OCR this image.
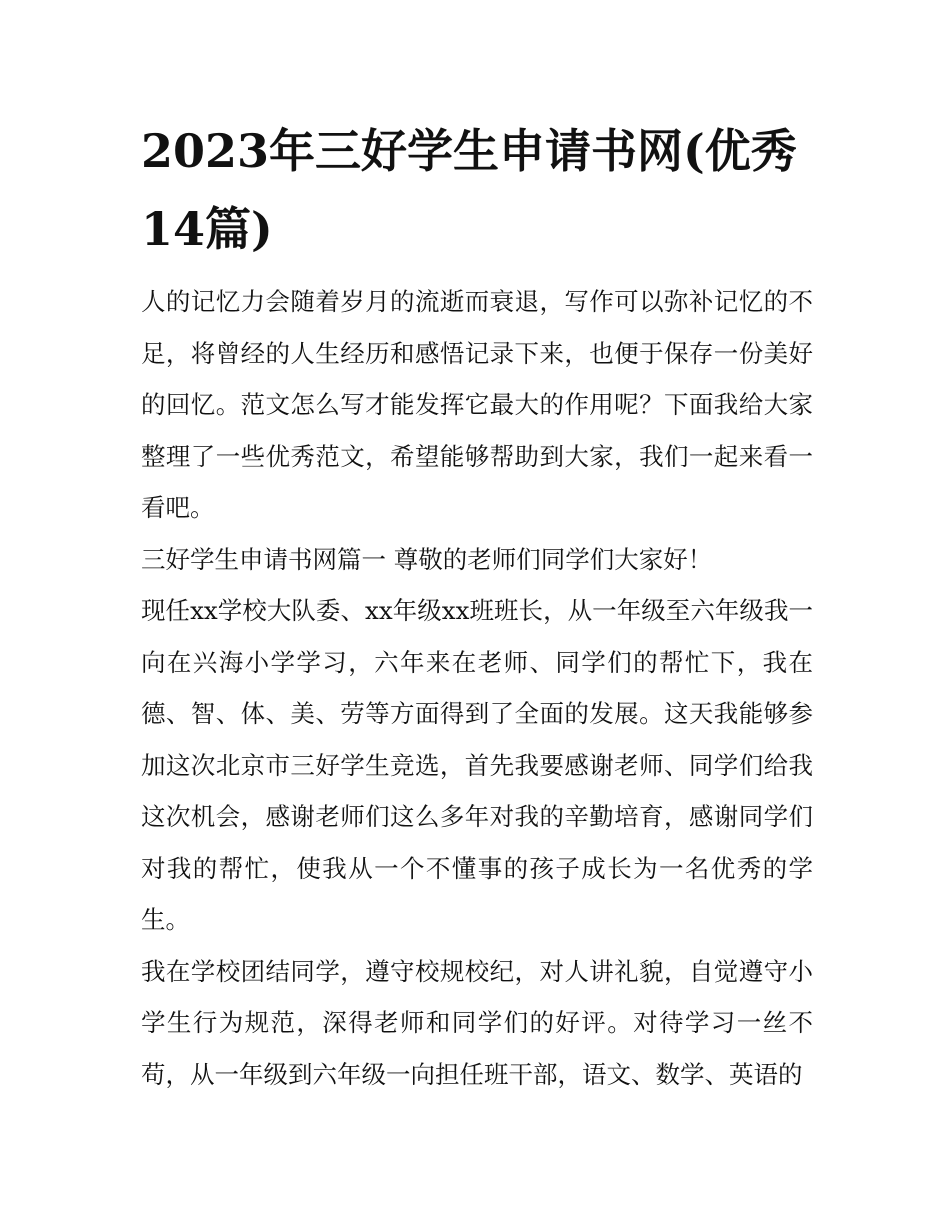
2023年三好学生申请书网(优秀14篇)

人的记忆力会随着岁月的流逝而衰退，写作可以弥补记忆的不足，将曾经的人生经历和感悟记录下来，也便于保存一份美好的回忆。范文怎么写才能发挥它最大的作用呢？下面我给大家整理了一些优秀范文，希望能够帮助到大家，我们一起来看一看吧。

三好学生申请书网篇一 尊敬的老师们同学们大家好！

现任xx学校大队委、xx年级xx班班长，从一年级至六年级我一向在兴海小学学习，六年来在老师、同学们的帮忙下，我在德、智、体、美、劳等方面得到了全面的发展。这天我能够参加这次北京市三好学生竞选，首先我要感谢老师、同学们给我这次机会，感谢老师们这么多年对我的辛勤培育，感谢同学们对我的帮忙，使我从一个不懂事的孩子成长为一名优秀的学生。

我在学校团结同学，遵守校规校纪，对人讲礼貌，自觉遵守小学生行为规范，深得老师和同学们的好评。对待学习一丝不苟，从一年级到六年级一向担任班干部，语文、数学、英语的
